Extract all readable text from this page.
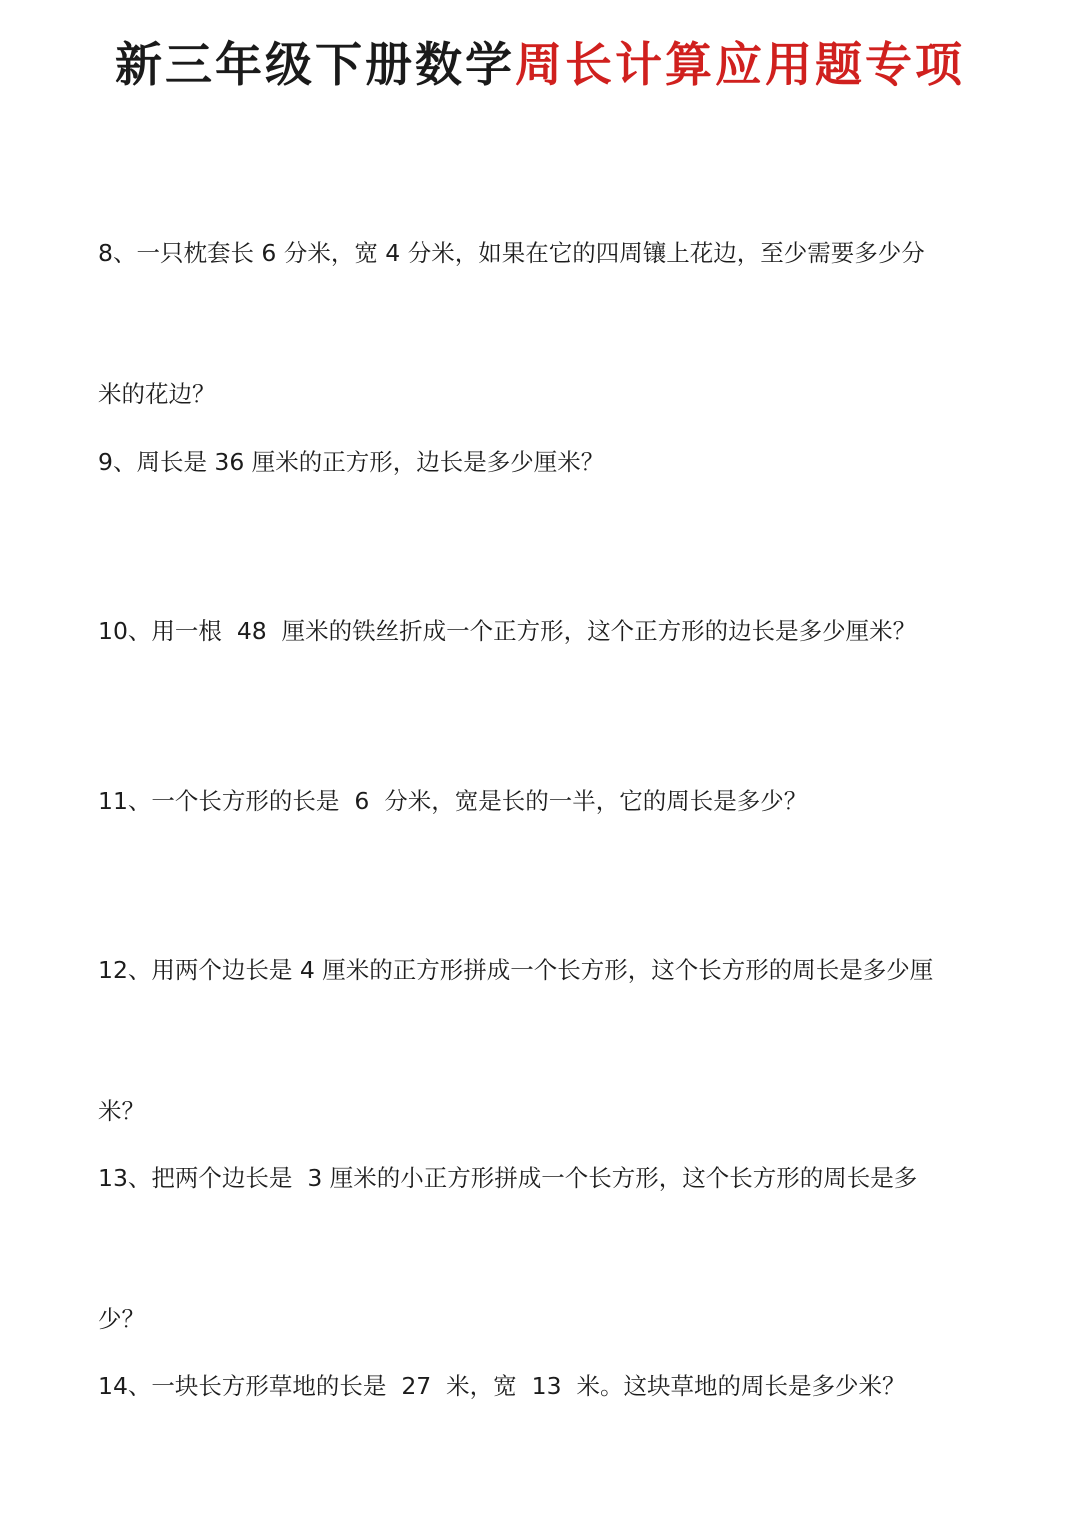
新三年级下册数学周长计算应用题专项

8、一只枕套长 6 分米，宽 4 分米，如果在它的四周镶上花边，至少需要多少分

米的花边？

9、周长是 36 厘米的正方形，边长是多少厘米？

10、用一根  48  厘米的铁丝折成一个正方形，这个正方形的边长是多少厘米？

11、一个长方形的长是  6  分米，宽是长的一半，它的周长是多少？

12、用两个边长是 4 厘米的正方形拼成一个长方形，这个长方形的周长是多少厘

米？

13、把两个边长是  3 厘米的小正方形拼成一个长方形，这个长方形的周长是多

少？

14、一块长方形草地的长是  27  米，宽  13  米。这块草地的周长是多少米？
